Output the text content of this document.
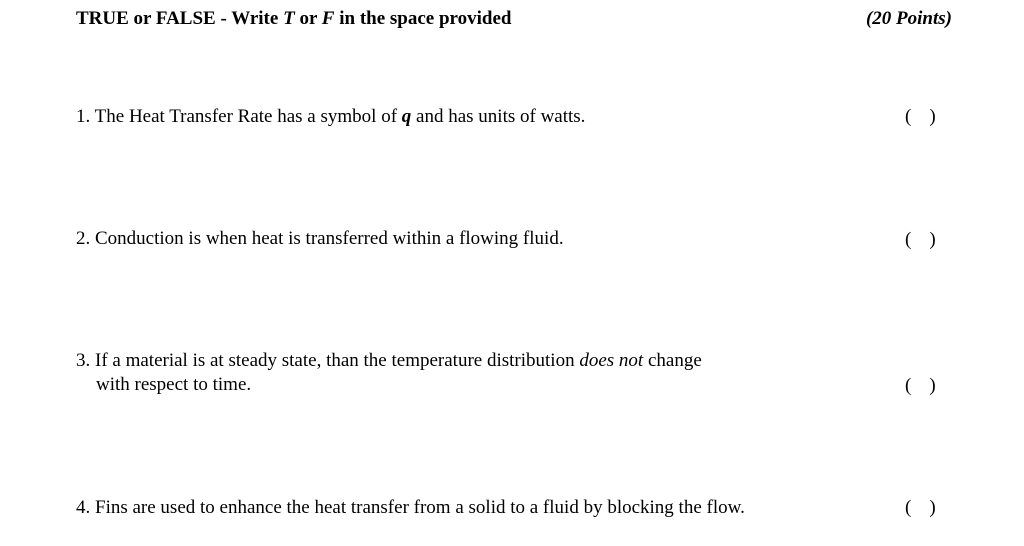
TRUE or FALSE - Write T or F in the space provided	(20 Points)
1. The Heat Transfer Rate has a symbol of q and has units of watts.	( )
2. Conduction is when heat is transferred within a flowing fluid.	( )
3. If a material is at steady state, than the temperature distribution does not change
with respect to time.	( )
4. Fins are used to enhance the heat transfer from a solid to a fluid by blocking the flow.	( )
